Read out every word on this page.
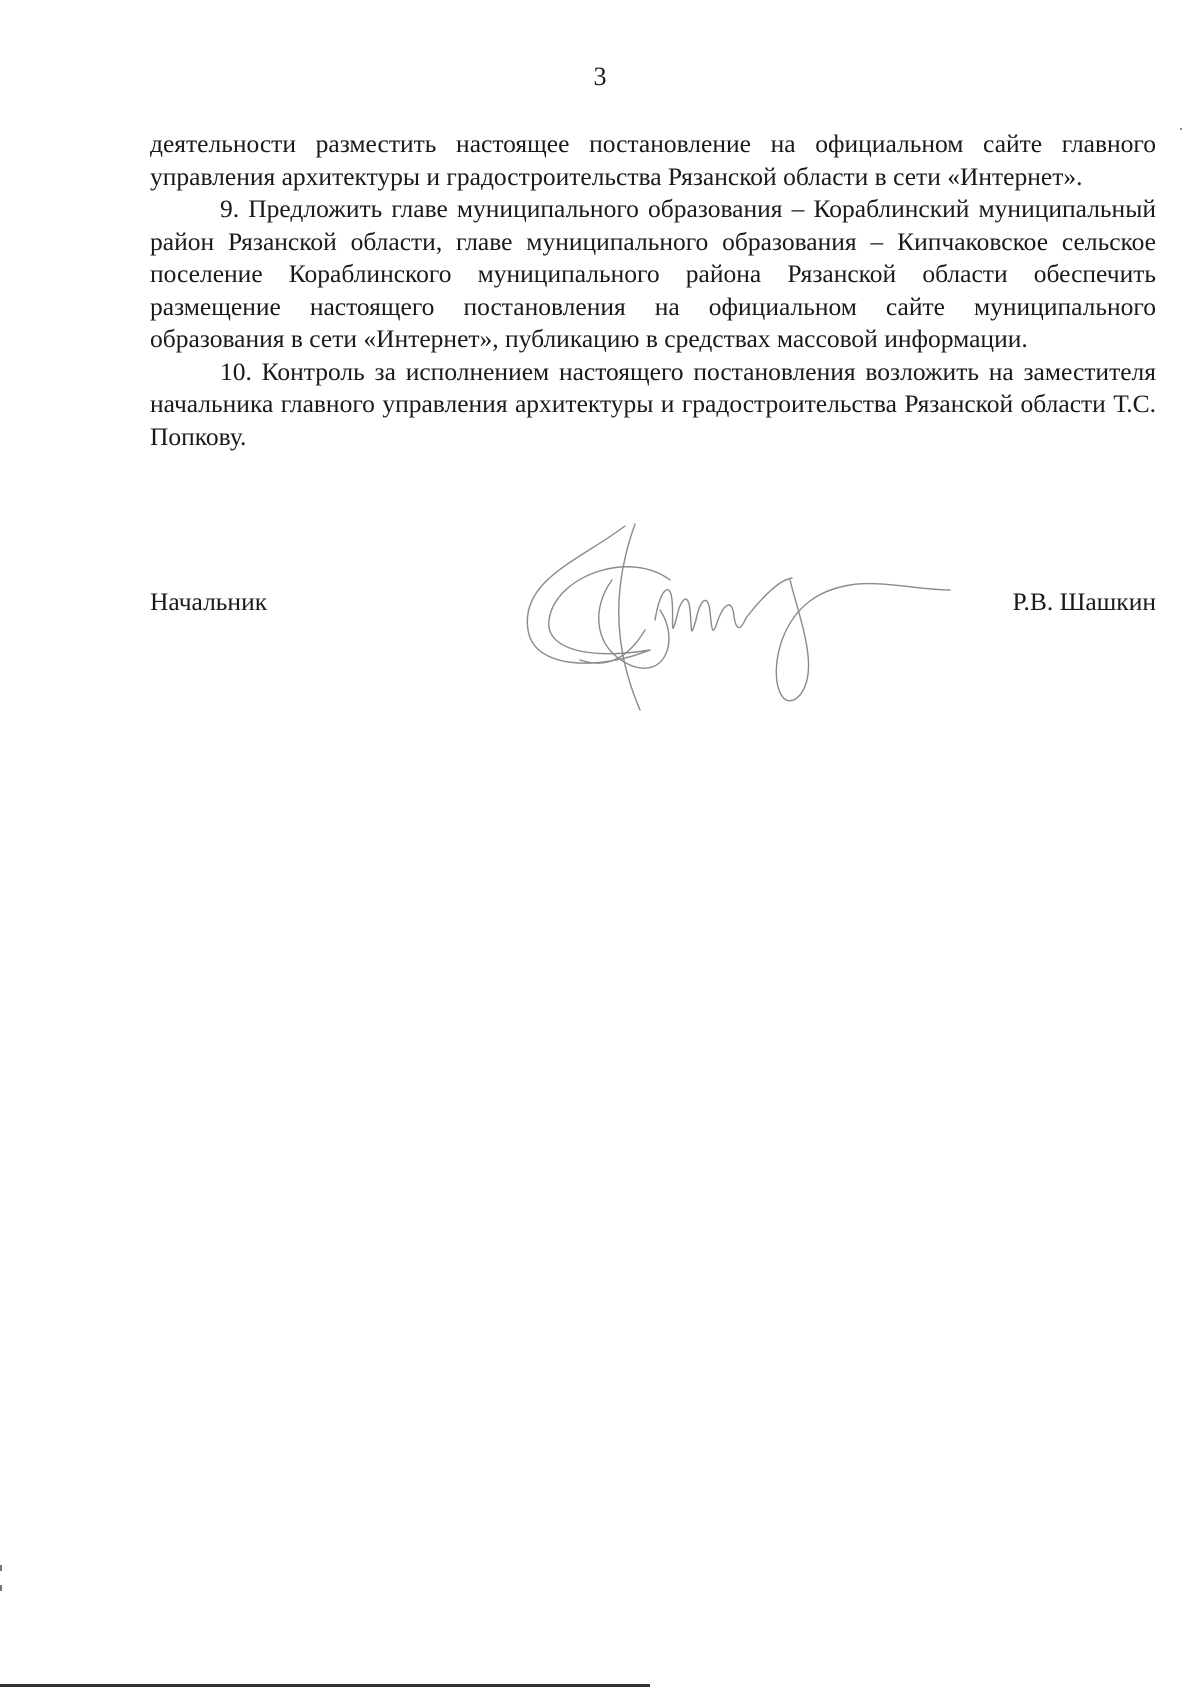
3

деятельности разместить настоящее постановление на официальном сайте главного управления архитектуры и градостроительства Рязанской области в сети «Интернет».

9. Предложить главе муниципального образования – Кораблинский муниципальный район Рязанской области, главе муниципального образования – Кипчаковское сельское поселение Кораблинского муниципального района Рязанской области обеспечить размещение настоящего постановления на официальном сайте муниципального образования в сети «Интернет», публикацию в средствах массовой информации.

10. Контроль за исполнением настоящего постановления возложить на заместителя начальника главного управления архитектуры и градостроительства Рязанской области Т.С. Попкову.

Начальник	Р.В. Шашкин
